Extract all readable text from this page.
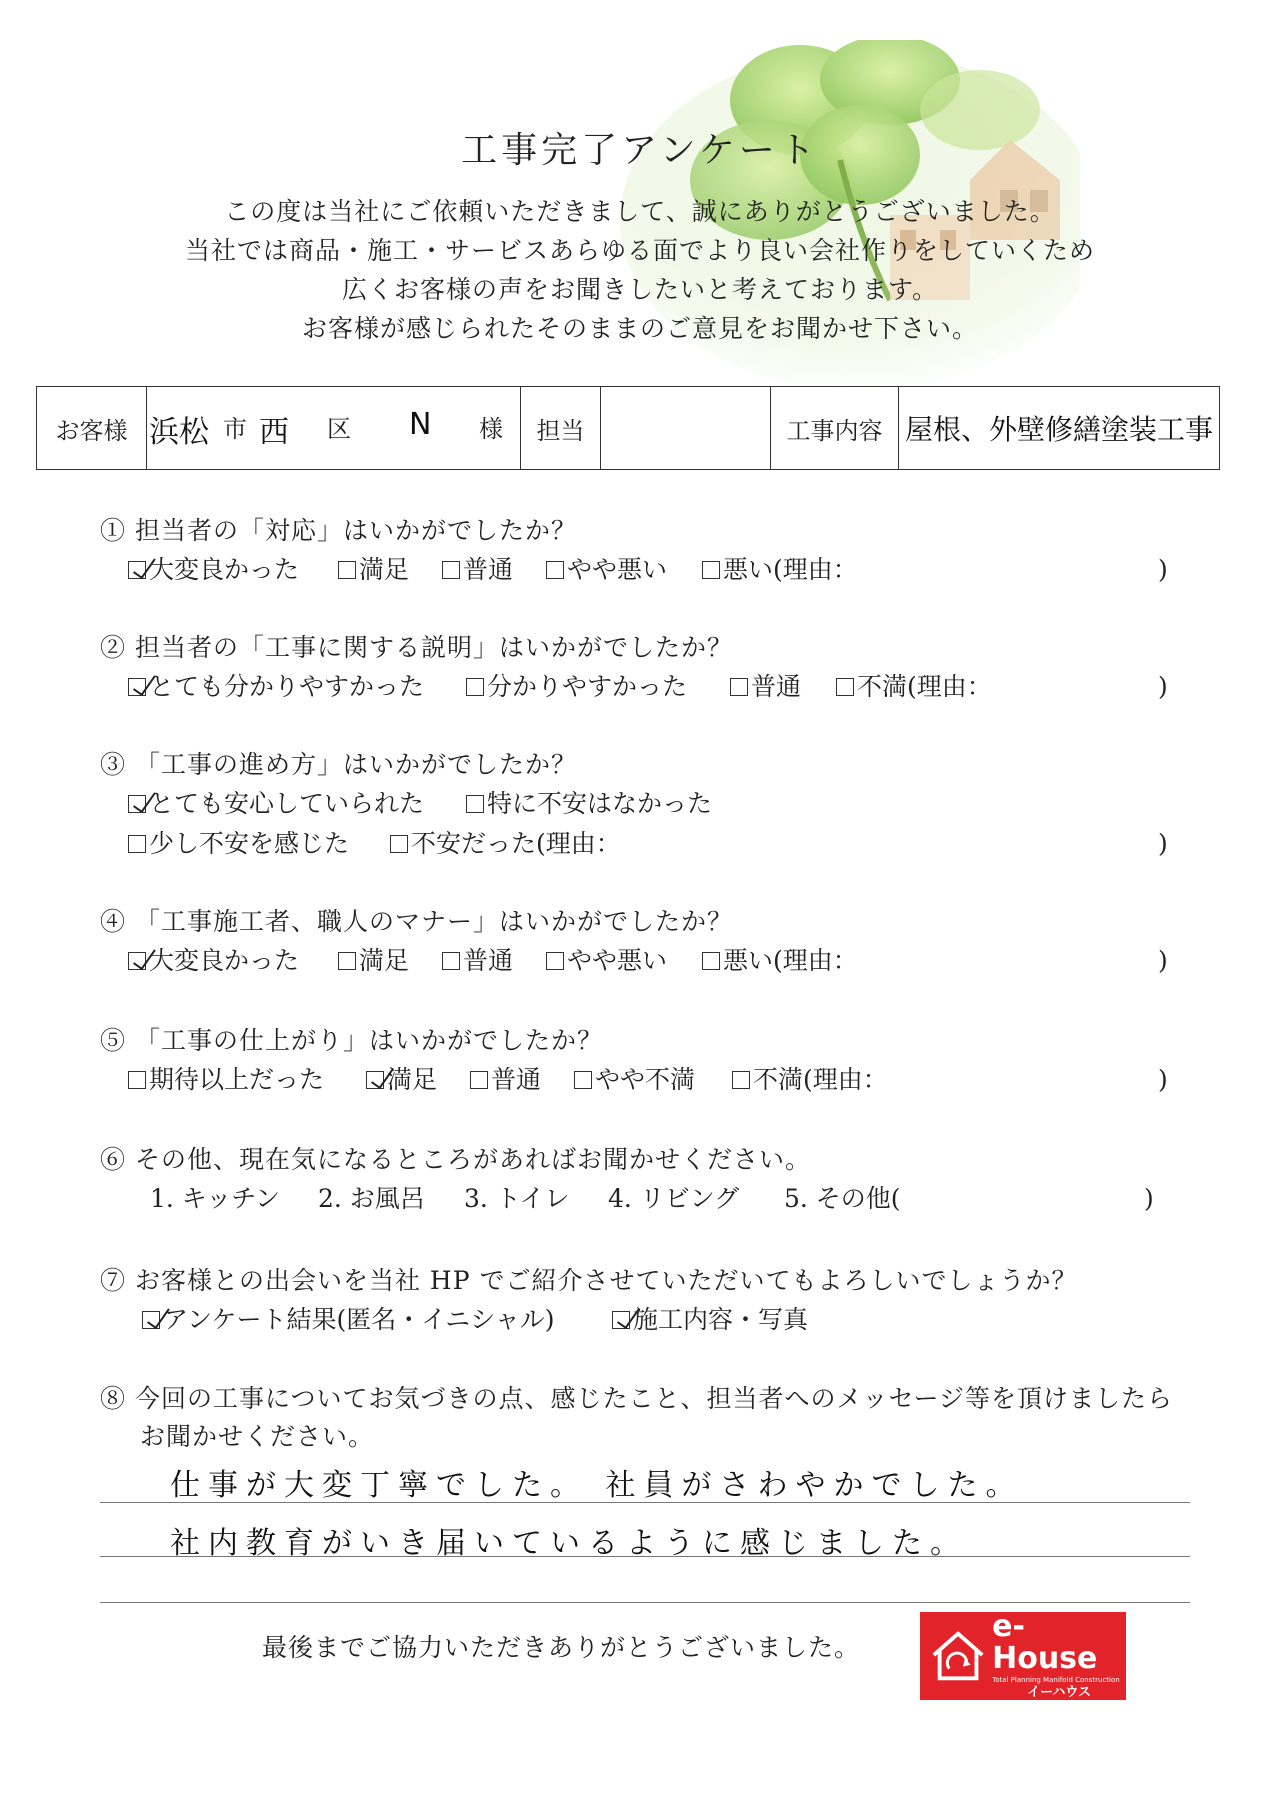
工事完了アンケート
この度は当社にご依頼いただきまして、誠にありがとうございました。
当社では商品・施工・サービスあらゆる面でより良い会社作りをしていくため
広くお客様の声をお聞きしたいと考えております。
お客様が感じられたそのままのご意見をお聞かせ下さい。
お客様 浜松 市 西 区 N 様	担当	工事内容 屋根、外壁修繕塗装工事
① 担当者の「対応」はいかがでしたか？
大変良かった 満足 普通 やや悪い 悪い(理由：	)
② 担当者の「工事に関する説明」はいかがでしたか？
とても分かりやすかった	分かりやすかった	普通 不満(理由：	)
③ 「工事の進め方」はいかがでしたか？
とても安心していられた	特に不安はなかった
少し不安を感じた 不安だった(理由：	)
④ 「工事施工者、職人のマナー」はいかがでしたか？
大変良かった 満足 普通 やや悪い 悪い(理由：	)
⑤ 「工事の仕上がり」はいかがでしたか？
期待以上だった	満足 普通 やや不満 不満(理由：	)
⑥ その他、現在気になるところがあればお聞かせください。
1. キッチン 2. お風呂 3. トイレ 4. リビング 5. その他(	)
⑦ お客様との出会いを当社 HP でご紹介させていただいてもよろしいでしょうか？
アンケート結果(匿名・イニシャル)	施工内容・写真
⑧ 今回の工事についてお気づきの点、感じたこと、担当者へのメッセージ等を頂けましたら
お聞かせください。
仕事が大変丁寧でした。 社員がさわやかでした。
社内教育がいき届いているように感じました。
最後までご協力いただきありがとうございました。
e-House
Total Planning Manifold Construction
イーハウス
